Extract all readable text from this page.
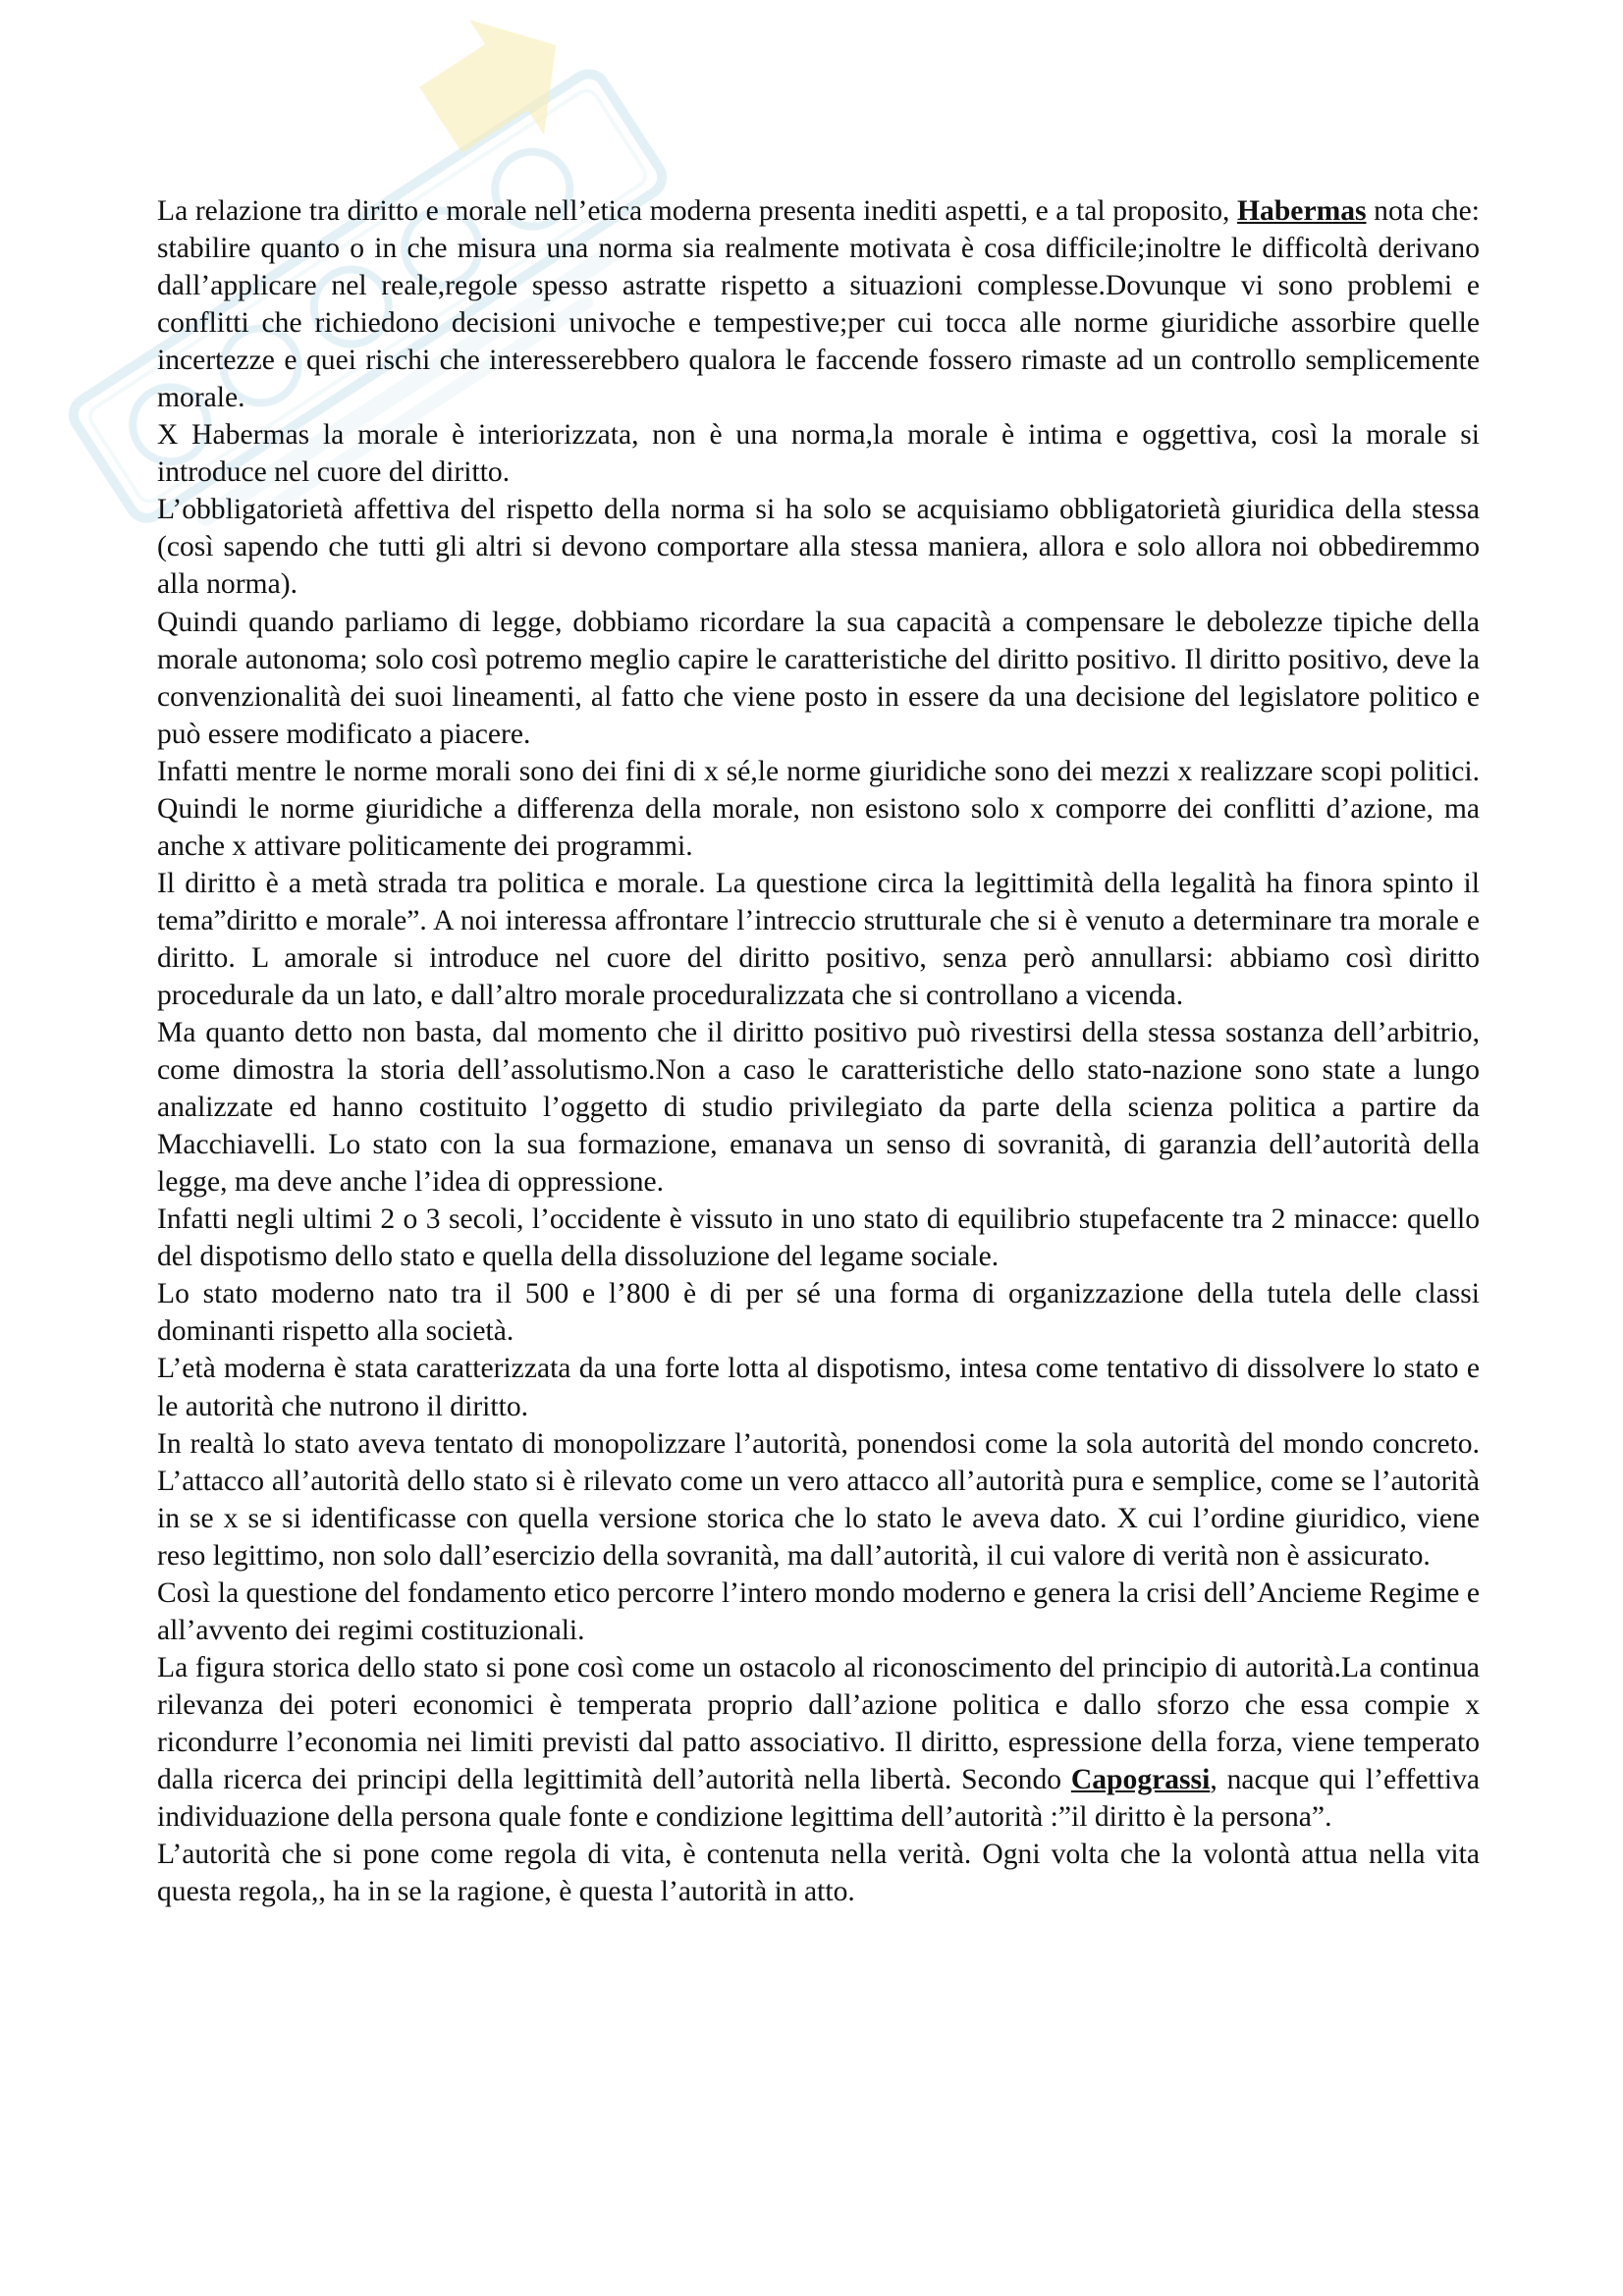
La relazione tra diritto e morale nell’etica moderna presenta inediti aspetti, e a tal proposito, Habermas nota che: stabilire quanto o in che misura una norma sia realmente motivata è cosa difficile;inoltre le difficoltà derivano dall’applicare nel reale,regole spesso astratte rispetto a situazioni complesse.Dovunque vi sono problemi e conflitti che richiedono decisioni univoche e tempestive;per cui tocca alle norme giuridiche assorbire quelle incertezze e quei rischi che interesserebbero qualora le faccende fossero rimaste ad un controllo semplicemente morale.

X Habermas la morale è interiorizzata, non è una norma,la morale è intima e oggettiva, così la morale si introduce nel cuore del diritto.

L’obbligatorietà affettiva del rispetto della norma si ha solo se acquisiamo obbligatorietà giuridica della stessa (così sapendo che tutti gli altri si devono comportare alla stessa maniera, allora e solo allora noi obbediremmo alla norma).

Quindi quando parliamo di legge, dobbiamo ricordare la sua capacità a compensare le debolezze tipiche della morale autonoma; solo così potremo meglio capire le caratteristiche del diritto positivo. Il diritto positivo, deve la convenzionalità dei suoi lineamenti, al fatto che viene posto in essere da una decisione del legislatore politico e può essere modificato a piacere.

Infatti mentre le norme morali sono dei fini di x sé,le norme giuridiche sono dei mezzi x realizzare scopi politici. Quindi le norme giuridiche a differenza della morale, non esistono solo x comporre dei conflitti d’azione, ma anche x attivare politicamente dei programmi.

Il diritto è a metà strada tra politica e morale. La questione circa la legittimità della legalità ha finora spinto il tema”diritto e morale”. A noi interessa affrontare l’intreccio strutturale che si è venuto a determinare tra morale e diritto. L amorale si introduce nel cuore del diritto positivo, senza però annullarsi: abbiamo così diritto procedurale da un lato, e dall’altro morale proceduralizzata che si controllano a vicenda.

Ma quanto detto non basta, dal momento che il diritto positivo può rivestirsi della stessa sostanza dell’arbitrio, come dimostra la storia dell’assolutismo.Non a caso le caratteristiche dello stato-nazione sono state a lungo analizzate ed hanno costituito l’oggetto di studio privilegiato da parte della scienza politica a partire da Macchiavelli. Lo stato con la sua formazione, emanava un senso di sovranità, di garanzia dell’autorità della legge, ma deve anche l’idea di oppressione.

Infatti negli ultimi 2 o 3 secoli, l’occidente è vissuto in uno stato di equilibrio stupefacente tra 2 minacce: quello del dispotismo dello stato e quella della dissoluzione del legame sociale.

Lo stato moderno nato tra il 500 e l’800 è di per sé una forma di organizzazione della tutela delle classi dominanti rispetto alla società.

L’età moderna è stata caratterizzata da una forte lotta al dispotismo, intesa come tentativo di dissolvere lo stato e le autorità che nutrono il diritto.

In realtà lo stato aveva tentato di monopolizzare l’autorità, ponendosi come la sola autorità del mondo concreto. L’attacco all’autorità dello stato si è rilevato come un vero attacco all’autorità pura e semplice, come se l’autorità in se x se si identificasse con quella versione storica che lo stato le aveva dato. X cui l’ordine giuridico, viene reso legittimo, non solo dall’esercizio della sovranità, ma dall’autorità, il cui valore di verità non è assicurato.

Così la questione del fondamento etico percorre l’intero mondo moderno e genera la crisi dell’Ancieme Regime e all’avvento dei regimi costituzionali.

La figura storica dello stato si pone così come un ostacolo al riconoscimento del principio di autorità.La continua rilevanza dei poteri economici è temperata proprio dall’azione politica e dallo sforzo che essa compie x ricondurre l’economia nei limiti previsti dal patto associativo. Il diritto, espressione della forza, viene temperato dalla ricerca dei principi della legittimità dell’autorità nella libertà. Secondo Capograssi, nacque qui l’effettiva individuazione della persona quale fonte e condizione legittima dell’autorità :”il diritto è la persona”.

L’autorità che si pone come regola di vita, è contenuta nella verità. Ogni volta che la volontà attua nella vita questa regola,, ha in se la ragione, è questa l’autorità in atto.
